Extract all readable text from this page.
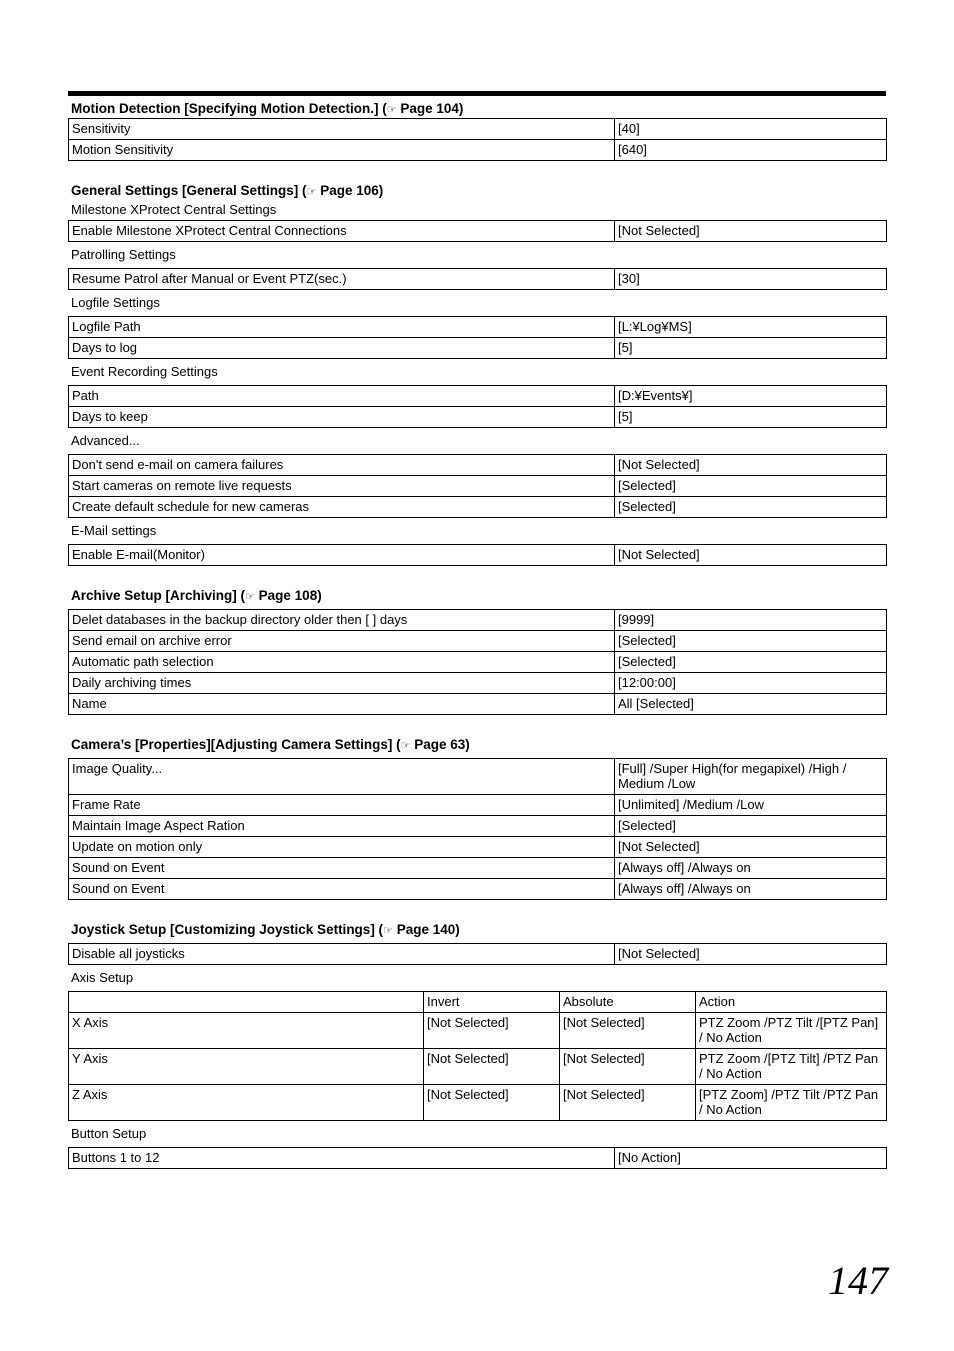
Motion Detection [Specifying Motion Detection.] (☞ Page 104)
Sensitivity	[40]
Motion Sensitivity	[640]
General Settings [General Settings] (☞ Page 106)
Milestone XProtect Central Settings
Enable Milestone XProtect Central Connections	[Not Selected]
Patrolling Settings
Resume Patrol after Manual or Event PTZ(sec.)	[30]
Logfile Settings
Logfile Path	[L:¥Log¥MS]
Days to log	[5]
Event Recording Settings
Path	[D:¥Events¥]
Days to keep	[5]
Advanced...
Don't send e-mail on camera failures	[Not Selected]
Start cameras on remote live requests	[Selected]
Create default schedule for new cameras	[Selected]
E-Mail settings
Enable E-mail(Monitor)	[Not Selected]
Archive Setup [Archiving] (☞ Page 108)
Delet databases in the backup directory older then [ ] days	[9999]
Send email on archive error	[Selected]
Automatic path selection	[Selected]
Daily archiving times	[12:00:00]
Name	All [Selected]
Camera’s [Properties][Adjusting Camera Settings] (☞ Page 63)
Image Quality...	[Full] /Super High(for megapixel) /High / Medium /Low
Frame Rate	[Unlimited] /Medium /Low
Maintain Image Aspect Ration	[Selected]
Update on motion only	[Not Selected]
Sound on Event	[Always off] /Always on
Sound on Event	[Always off] /Always on
Joystick Setup [Customizing Joystick Settings] (☞ Page 140)
Disable all joysticks	[Not Selected]
Axis Setup
	Invert	Absolute	Action
X Axis	[Not Selected]	[Not Selected]	PTZ Zoom /PTZ Tilt /[PTZ Pan] / No Action
Y Axis	[Not Selected]	[Not Selected]	PTZ Zoom /[PTZ Tilt] /PTZ Pan / No Action
Z Axis	[Not Selected]	[Not Selected]	[PTZ Zoom] /PTZ Tilt /PTZ Pan / No Action
Button Setup
Buttons 1 to 12	[No Action]
147
